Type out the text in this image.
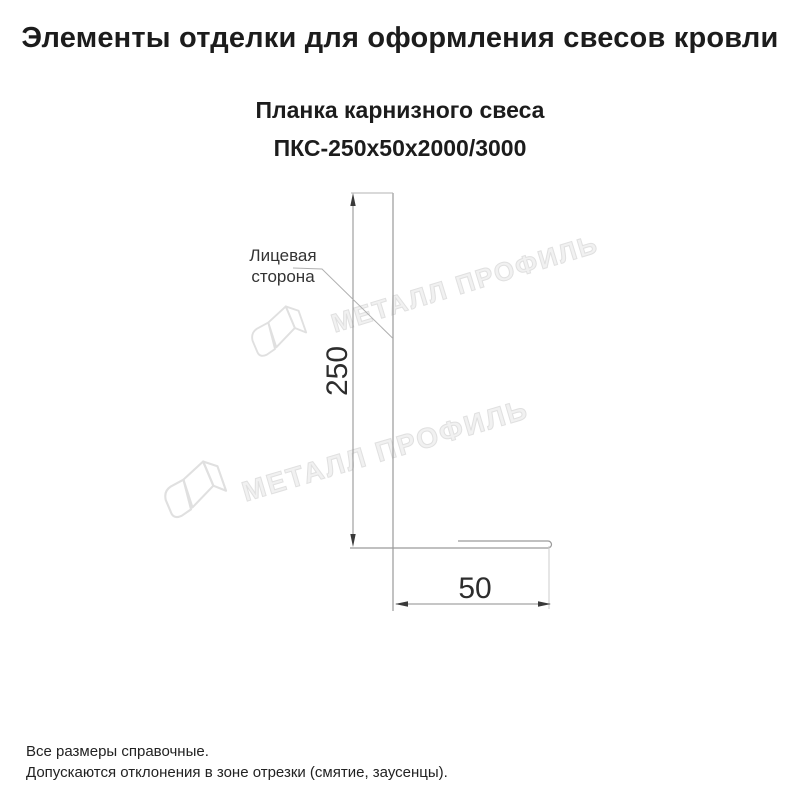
Элементы отделки для оформления свесов кровли
Планка карнизного свеса
ПКС-250х50х2000/3000
МЕТАЛЛ ПРОФИЛЬ
МЕТАЛЛ ПРОФИЛЬ
Лицевая
сторона
250
50
Все размеры справочные.
Допускаются отклонения в зоне отрезки (смятие, заусенцы).
